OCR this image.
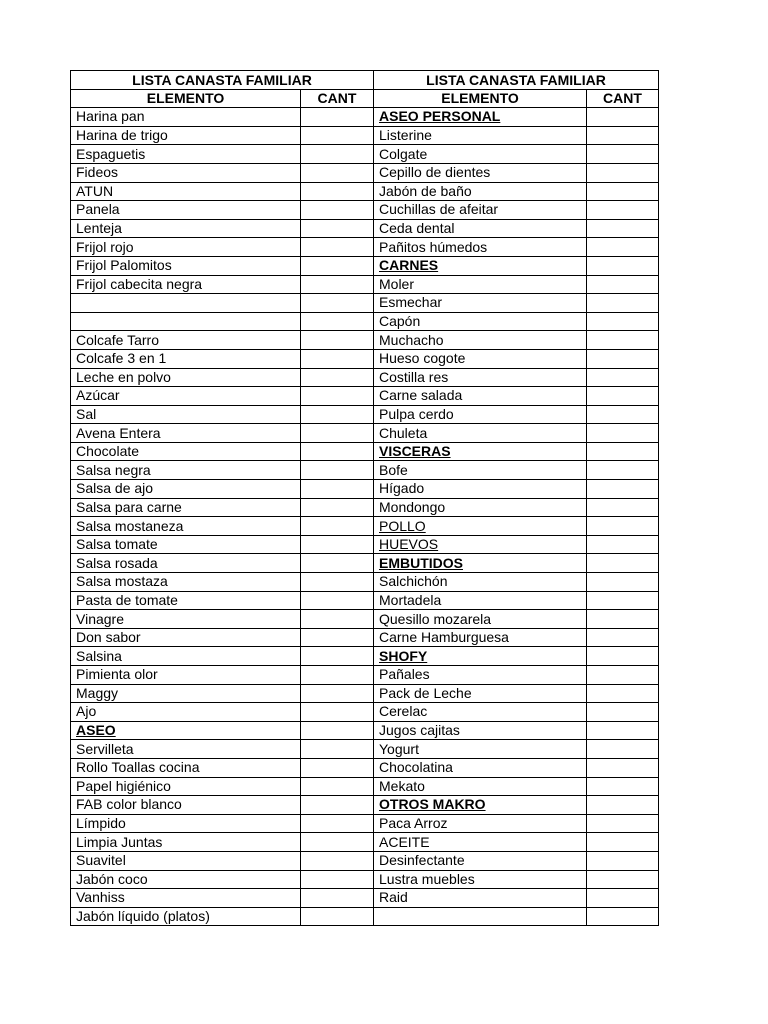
LISTA CANASTA FAMILIAR		LISTA CANASTA FAMILIAR	
ELEMENTO	CANT	ELEMENTO	CANT
Harina pan		ASEO PERSONAL	
Harina de trigo		Listerine	
Espaguetis		Colgate	
Fideos		Cepillo de dientes	
ATUN		Jabón de baño	
Panela		Cuchillas de afeitar	
Lenteja		Ceda dental	
Frijol rojo		Pañitos húmedos	
Frijol Palomitos		CARNES	
Frijol cabecita negra		Moler	
		Esmechar	
		Capón	
Colcafe Tarro		Muchacho	
Colcafe 3 en 1		Hueso cogote	
Leche en polvo		Costilla res	
Azúcar		Carne salada	
Sal		Pulpa cerdo	
Avena Entera		Chuleta	
Chocolate		VISCERAS	
Salsa negra		Bofe	
Salsa de ajo		Hígado	
Salsa para carne		Mondongo	
Salsa mostaneza		POLLO	
Salsa tomate		HUEVOS	
Salsa rosada		EMBUTIDOS	
Salsa mostaza		Salchichón	
Pasta de tomate		Mortadela	
Vinagre		Quesillo mozarela	
Don sabor		Carne Hamburguesa	
Salsina		SHOFY	
Pimienta olor		Pañales	
Maggy		Pack de Leche	
Ajo		Cerelac	
ASEO		Jugos cajitas	
Servilleta		Yogurt	
Rollo Toallas cocina		Chocolatina	
Papel higiénico		Mekato	
FAB color blanco		OTROS MAKRO	
Límpido		Paca Arroz	
Limpia Juntas		ACEITE	
Suavitel		Desinfectante	
Jabón coco		Lustra muebles	
Vanhiss		Raid	
Jabón líquido (platos)			
